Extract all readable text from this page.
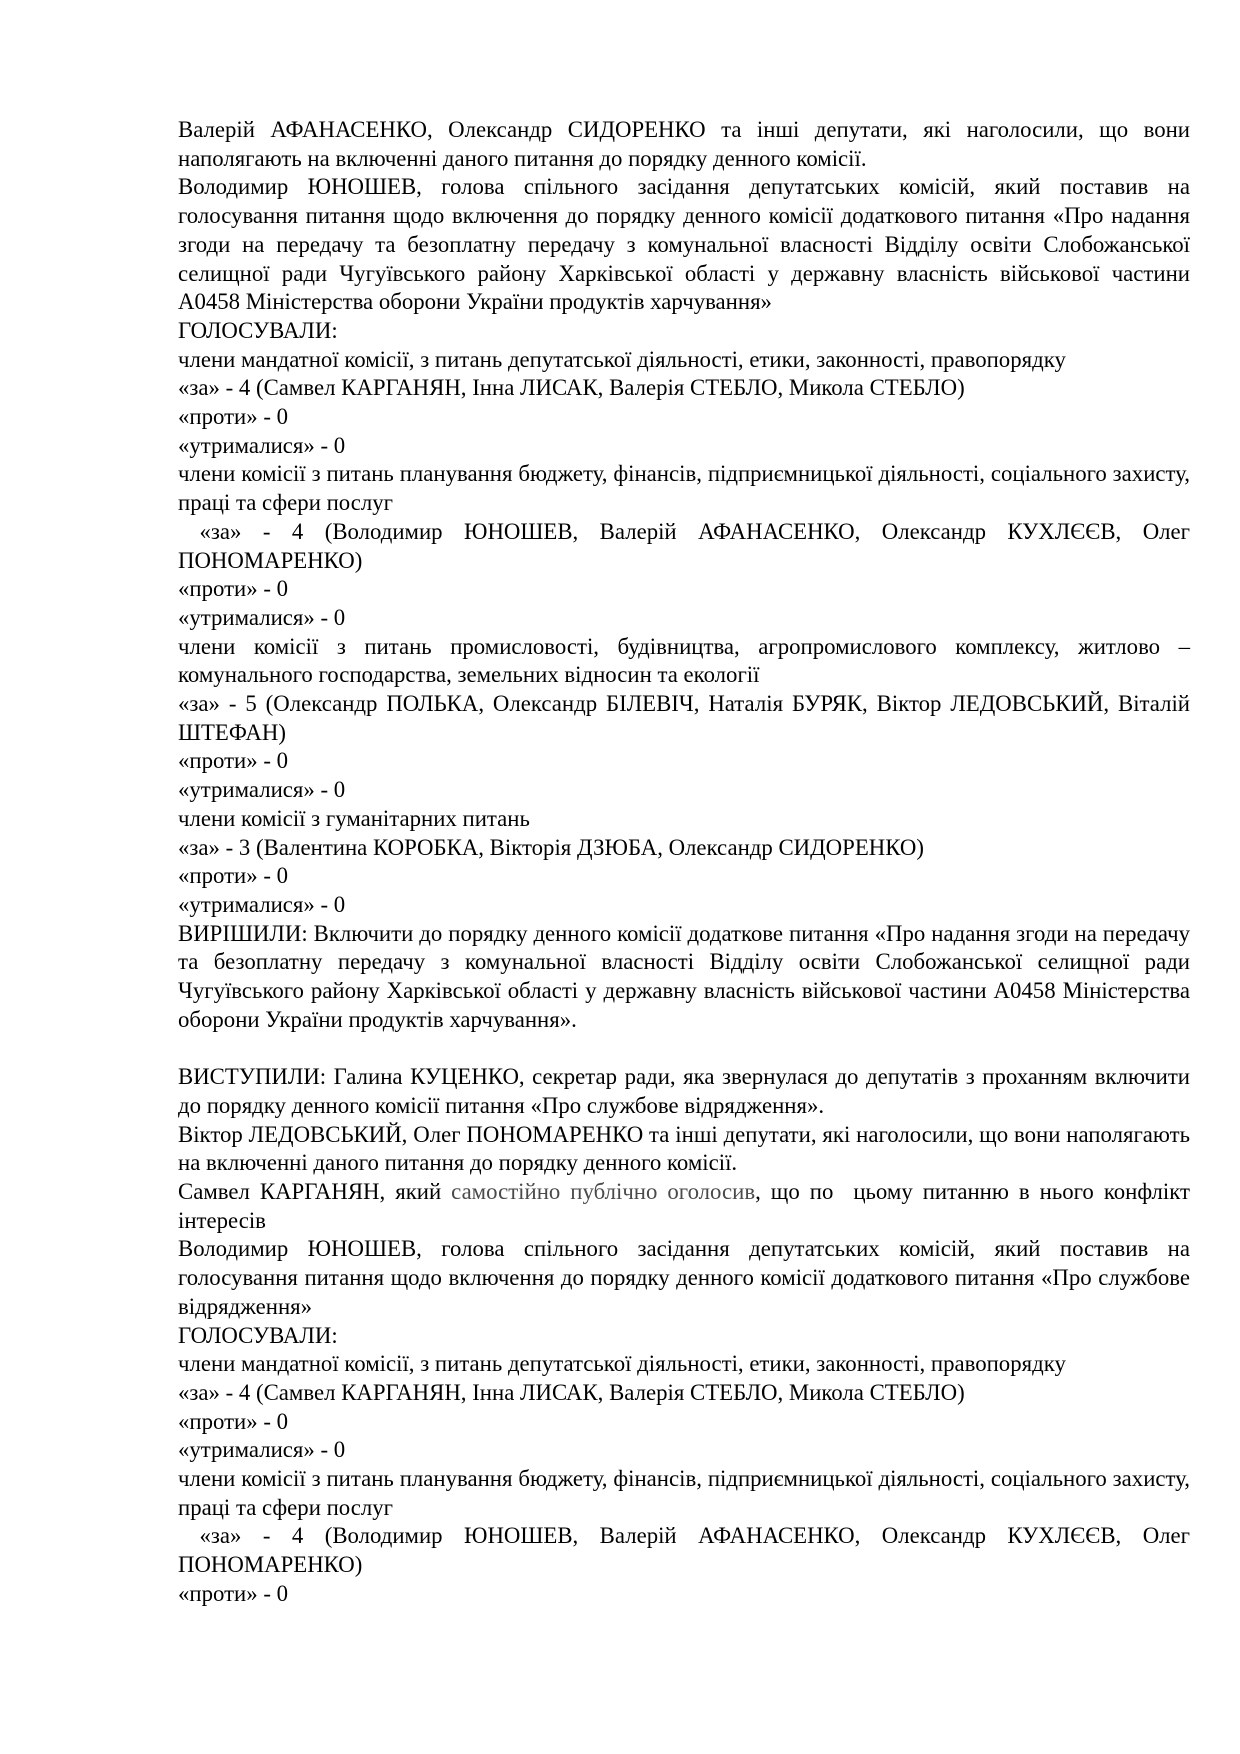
Валерій АФАНАСЕНКО, Олександр СИДОРЕНКО та інші депутати, які наголосили, що вони наполягають на включенні даного питання до порядку денного комісії.

Володимир ЮНОШЕВ, голова спільного засідання депутатських комісій, який поставив на голосування питання щодо включення до порядку денного комісії додаткового питання «Про надання згоди на передачу та безоплатну передачу з комунальної власності Відділу освіти Слобожанської селищної ради Чугуївського району Харківської області у державну власність військової частини А0458 Міністерства оборони України продуктів харчування»

ГОЛОСУВАЛИ:

члени мандатної комісії, з питань депутатської діяльності, етики, законності, правопорядку

«за» - 4 (Самвел КАРГАНЯН, Інна ЛИСАК, Валерія СТЕБЛО, Микола СТЕБЛО)

«проти» - 0

«утрималися» - 0

члени комісії з питань планування бюджету, фінансів, підприємницької діяльності, соціального захисту, праці та сфери послуг

«за» - 4 (Володимир ЮНОШЕВ, Валерій АФАНАСЕНКО, Олександр КУХЛЄЄВ, Олег ПОНОМАРЕНКО)

«проти» - 0

«утрималися» - 0

члени комісії з питань промисловості, будівництва, агропромислового комплексу, житлово – комунального господарства, земельних відносин та екології

«за» - 5 (Олександр ПОЛЬКА, Олександр БІЛЕВІЧ, Наталія БУРЯК, Віктор ЛЕДОВСЬКИЙ, Віталій ШТЕФАН)

«проти» - 0

«утрималися» - 0

члени комісії з гуманітарних питань

«за» - 3 (Валентина КОРОБКА, Вікторія ДЗЮБА, Олександр СИДОРЕНКО)

«проти» - 0

«утрималися» - 0

ВИРІШИЛИ: Включити до порядку денного комісії додаткове питання «Про надання згоди на передачу та безоплатну передачу з комунальної власності Відділу освіти Слобожанської селищної ради Чугуївського району Харківської області у державну власність військової частини А0458 Міністерства оборони України продуктів харчування».

ВИСТУПИЛИ: Галина КУЦЕНКО, секретар ради, яка звернулася до депутатів з проханням включити до порядку денного комісії питання «Про службове відрядження».

Віктор ЛЕДОВСЬКИЙ, Олег ПОНОМАРЕНКО та інші депутати, які наголосили, що вони наполягають на включенні даного питання до порядку денного комісії.

Самвел КАРГАНЯН, який самостійно публічно оголосив, що по  цьому питанню в нього конфлікт інтересів

Володимир ЮНОШЕВ, голова спільного засідання депутатських комісій, який поставив на голосування питання щодо включення до порядку денного комісії додаткового питання «Про службове відрядження»

ГОЛОСУВАЛИ:

члени мандатної комісії, з питань депутатської діяльності, етики, законності, правопорядку

«за» - 4 (Самвел КАРГАНЯН, Інна ЛИСАК, Валерія СТЕБЛО, Микола СТЕБЛО)

«проти» - 0

«утрималися» - 0

члени комісії з питань планування бюджету, фінансів, підприємницької діяльності, соціального захисту, праці та сфери послуг

«за» - 4 (Володимир ЮНОШЕВ, Валерій АФАНАСЕНКО, Олександр КУХЛЄЄВ, Олег ПОНОМАРЕНКО)

«проти» - 0
